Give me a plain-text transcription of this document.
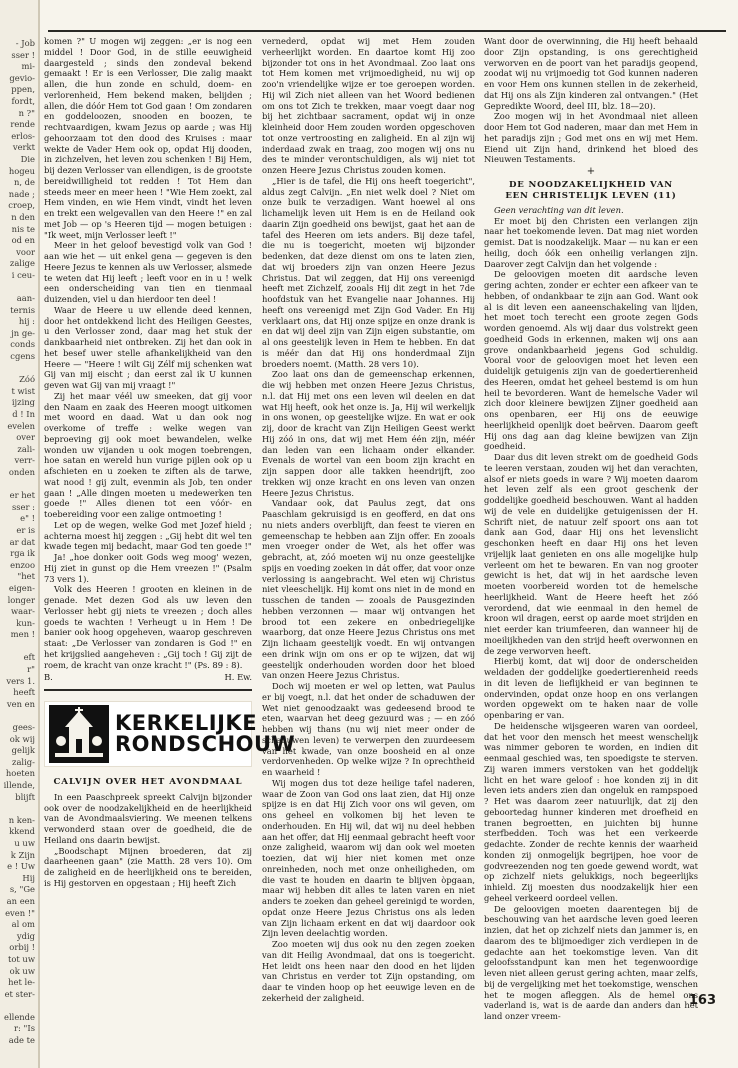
- Job
sser !
mi-
gevio-
ppen,
fordt,
n ?"
rende
erlos-
verkt
Die
hogeu
n, de
nade ;
croep,
n den
nis te
od en
voor
zalige
i ceu-

aan-
ternis
hij :
jn ge-
conds
cgens

Zóó
t wist
ijzing
d ! In
evelen
over
zali-
verr-
onden

er het
sser :
e" !
er is
ar dat
rga ik
enzoo
"het
eigen-
longer
waar-
kun-
men !

eft
r"
vers 1.
heeft
ven en

gees-
ok wij
gelijk
zalig-
hoeten
illende,
blijft

n ken-
kkend
u uw
k Zijn
e ! Uw
Hij
s, "Ge
an een
even !"
al om
ydig
orbij !
tot uw
ok uw
het le-
et ster-

ellende
r: "Is
ade te

komen ?" U mogen wij zeggen: „er is nog een middel ! Door God, in de stille eeuwigheid daargesteld ; sinds den zondeval bekend gemaakt ! Er is een Verlosser, Die zalig maakt allen, die hun zonde en schuld, doem- en verlorenheid, Hem bekend maken, belijden ; allen, die dóór Hem tot God gaan ! Om zondaren en goddeloozen, snooden en boozen, te rechtvaardigen, kwam Jezus op aarde ; was Hij gehoorzaam tot den dood des Kruises : maar wekte de Vader Hem ook op, opdat Hij dooden, in zichzelven, het leven zou schenken ! Bij Hem, bij dezen Verlosser van ellendigen, is de grootste bereidwilligheid tot redden ! Tot Hem dan steeds meer en meer heen ! "Wie Hem zoekt, zal Hem vinden, en wie Hem vindt, vindt het leven en trekt een welgevallen van den Heere !" en zal met Job — op 's Heeren tijd — mogen betuigen : "Ik weet, mijn Verlosser leeft !"

Meer in het geloof bevestigd volk van God ! aan wie het — uit enkel gena — gegeven is den Heere Jezus te kennen als uw Verlosser, alsmede te weten dat Hij leeft ; leeft voor en in u ! welk een onderscheiding van tien en tienmaal duizenden, viel u dan hierdoor ten deel !

Waar de Heere u uw ellende deed kennen, door het ontdekkend licht des Heiligen Geestes, u den Verlosser zond, daar mag het stuk der dankbaarheid niet ontbreken. Zij het dan ook in het besef uwer stelle afhankelijkheid van den Heere — "Heere ! wilt Gij Zélf mij schenken wat Gij van mij eischt ; dan eerst zal ik U kunnen geven wat Gij van mij vraagt !"

Zij het maar véél uw smeeken, dat gij voor den Naam en zaak des Heeren moogt uitkomen met woord en daad. Wat u dan ook nog overkome of treffe : welke wegen van beproeving gij ook moet bewandelen, welke wonden uw vijanden u ook mogen toebrengen, hoe satan en wereld hun vurige pijlen ook op u afschieten en u zoeken te ziften als de tarwe, wat nood ! gij zult, evenmin als Job, ten onder gaan ! „Alle dingen moeten u medewerken ten goede !" Alles dienen tot een vóór- en toebereiding voor een zalige ontmoeting !

Let op de wegen, welke God met Jozef hield ; achterna moest hij zeggen : „Gij hebt dit wel ten kwade tegen mij bedacht, maar God ten goede !"

Ja! „hoe donker ooit Gods weg moog' wezen, Hij ziet in gunst op die Hem vreezen !" (Psalm 73 vers 1).

Volk des Heeren ! grooten en kleinen in de genade. Met dezen God als uw leven den Verlosser hebt gij niets te vreezen ; doch alles goeds te wachten ! Verheugt u in Hem ! De banier ook hoog opgeheven, waarop geschreven staat: „De Verlosser van zondaren is God !" en het krijgslied aangeheven : „Gij toch ! Gij zijt de roem, de kracht van onze kracht !" (Ps. 89 : 8).

B.	H. Ew.
KERKELIJKE
RONDSCHOUW
CALVIJN OVER HET AVONDMAAL

In een Paaschpreek spreekt Calvijn bijzonder ook over de noodzakelijkheid en de heerlijkheid van de Avondmaalsviering. We meenen telkens verwonderd staan over de goedheid, die de Heiland ons daarin bewijst.

„Boodschapt Mijnen broederen, dat zij daarheenen gaan" (zie Matth. 28 vers 10). Om de zaligheid en de heerlijkheid ons te bereiden, is Hij gestorven en opgestaan ; Hij heeft Zich

vernederd, opdat wij met Hem zouden verheerlijkt worden. En daartoe komt Hij zoo bijzonder tot ons in het Avondmaal. Zoo laat ons tot Hem komen met vrijmoedigheid, nu wij op zoo'n vriendelijke wijze er toe geroepen worden. Hij wil Zich niet alleen van het Woord bedienen om ons tot Zich te trekken, maar voegt daar nog bij het zichtbaar sacrament, opdat wij in onze kleinheid door Hem zouden worden opgeschoven tot onze vertroosting en zaligheid. En al zijn wij inderdaad zwak en traag, zoo mogen wij ons nu des te minder verontschuldigen, als wij niet tot onzen Heere Jezus Christus zouden komen.

„Hier is de tafel, die Hij ons heeft toegericht", aldus zegt Calvijn. „En niet welk doel ? Niet om onze buik te verzadigen. Want hoewel al ons lichamelijk leven uit Hem is en de Heiland ook daarin Zijn goedheid ons bewijst, gaat het aan de tafel des Heeren om iets anders. Bij deze tafel, die nu is toegericht, moeten wij bijzonder bedenken, dat deze dienst om ons te laten zien, dat wij broeders zijn van onzen Heere Jezus Christus. Dat wil zeggen, dat Hij ons vereenigd heeft met Zichzelf, zooals Hij dit zegt in het 7de hoofdstuk van het Evangelie naar Johannes. Hij heeft ons vereenigd met Zijn God Vader. En Hij verklaart ons, dat Hij onze spijze en onze drank is en dat wij deel zijn van Zijn eigen substantie, om al ons geestelijk leven in Hem te hebben. En dat is méér dan dat Hij ons honderdmaal Zijn broeders noemt. (Matth. 28 vers 10).

Zoo laat ons dan de gemeenschap erkennen, die wij hebben met onzen Heere Jezus Christus, n.l. dat Hij met ons een leven wil deelen en dat wat Hij heeft, ook het onze is. Ja, Hij wil werkelijk in ons wonen, op geestelijke wijze. En wat er ook zij, door de kracht van Zijn Heiligen Geest werkt Hij zóó in ons, dat wij met Hem één zijn, méér dan leden van een lichaam onder elkander. Evenals de wortel van een boom zijn kracht en zijn sappen door alle takken heendrijft, zoo trekken wij onze kracht en ons leven van onzen Heere Jezus Christus.

Vandaar ook, dat Paulus zegt, dat ons Paaschlam gekruisigd is en geofferd, en dat ons nu niets anders overblijft, dan feest te vieren en gemeenschap te hebben aan Zijn offer. En zooals men vroeger onder de Wet, als het offer was gebracht, at, zóó moeten wij nu onze geestelijke spijs en voeding zoeken in dát offer, dat voor onze verlossing is aangebracht. Wel eten wij Christus niet vleeschelijk. Hij komt ons niet in de mond en tusschen de tanden — zooals de Pausgezinden hebben verzonnen — maar wij ontvangen het brood tot een zekere en onbedriegelijke waarborg, dat onze Heere Jezus Christus ons met Zijn lichaam geestelijk voedt. En wij ontvangen een drink wijn om ons er op te wijzen, dat wij geestelijk onderhouden worden door het bloed van onzen Heere Jezus Christus.

Doch wij moeten er wel op letten, wat Paulus er bij voegt, n.l. dat het onder de schaduwen der Wet niet genoodzaakt was gedeesend brood te eten, waarvan het deeg gezuurd was ; — en zóó hebben wij thans (nu wij niet meer onder de schaduwen leven) te verwerpen den zuurdeesem van het kwade, van onze boosheid en al onze verdorvenheden. Op welke wijze ? In oprechtheid en waarheid !

Wij mogen dus tot deze heilige tafel naderen, waar de Zoon van God ons laat zien, dat Hij onze spijze is en dat Hij Zich voor ons wil geven, om ons geheel en volkomen bij het leven te onderhouden. En Hij wil, dat wij nu deel hebben aan het offer, dat Hij eenmaal gebracht heeft voor onze zaligheid, waarom wij dan ook wel moeten toezien, dat wij hier niet komen met onze onreinheden, noch met onze onheiligheden, om die vast te houden en daarin te blijven òpgaan, maar wij hebben dit alles te laten varen en niet anders te zoeken dan geheel gereinigd te worden, opdat onze Heere Jezus Christus ons als leden van Zijn lichaam erkent en dat wij daardoor ook Zijn leven deelachtig worden.

Zoo moeten wij dus ook nu den zegen zoeken van dit Heilig Avondmaal, dat ons is toegericht. Het leidt ons heen naar den dood en het lijden van Christus en verder tot Zijn opstanding, om daar te vinden hoop op het eeuwige leven en de zekerheid der zaligheid.

Want door de overwinning, die Hij heeft behaald door Zijn opstanding, is ons gerechtigheid verworven en de poort van het paradijs geopend, zoodat wij nu vrijmoedig tot God kunnen naderen en voor Hem ons kunnen stellen in de zekerheid, dat Hij ons als Zijn kinderen zal ontvangen." (Het Gepredikte Woord, deel III, blz. 18—20).

Zoo mogen wij in het Avondmaal niet alleen door Hem tot God naderen, maar dan met Hem in het paradijs zijn ; God met ons en wij met Hem. Eiend uit Zijn hand, drinkend het bloed des Nieuwen Testaments.

+
DE NOODZAKELIJKHEID VAN
EEN CHRISTELIJK LEVEN (11)

Geen verachting van dit leven.

Er moet bij den Christen een verlangen zijn naar het toekomende leven. Dat mag niet worden gemist. Dat is noodzakelijk. Maar — nu kan er een heilig, doch óók een onheilig verlangen zijn. Daarover zegt Calvijn dan het volgende :

De geloovigen moeten dit aardsche leven gering achten, zonder er echter een afkeer van te hebben, of ondankbaar te zijn aan God. Want ook al is dit leven een aaneenschakeling van lijden, het moet toch terecht een groote zegen Gods worden genoemd. Als wij daar dus volstrekt geen goedheid Gods in erkennen, maken wij ons aan grove ondankbaarheid jegens God schuldig. Vooral voor de geloovigen moet het leven een duidelijk getuigenis zijn van de goedertierenheid des Heeren, omdat het geheel bestemd is om hun heil te bevorderen. Want de hemelsche Vader wil zich door kleinere bewijzen Zijner goedheid aan ons openbaren, eer Hij ons de eeuwige heerlijkheid openlijk doet beërven. Daarom geeft Hij ons dag aan dag kleine bewijzen van Zijn goedheid.

Daar dus dit leven strekt om de goedheid Gods te leeren verstaan, zouden wij het dan verachten, alsof er niets goeds in ware ? Wij moeten daarom het leven zelf als een groot geschenk der goddelijke goedheid beschouwen. Want al hadden wij de vele en duidelijke getuigenissen der H. Schrift niet, de natuur zelf spoort ons aan tot dank aan God, daar Hij ons het levenslicht geschonken heeft en daar Hij ons het leven vrijelijk laat genieten en ons alle mogelijke hulp verleent om het te bewaren. En van nog grooter gewicht is het, dat wij in het aardsche leven moeten voorbereid worden tot de hemelsche heerlijkheid. Want de Heere heeft het zóó verordend, dat wie eenmaal in den hemel de kroon wil dragen, eerst op aarde moet strijden en niet eerder kan triumfeeren, dan wanneer hij de moeilijkheden van den strijd heeft overwonnen en de zege verworven heeft.

Hierbij komt, dat wij door de onderscheiden weldaden der goddelijke goedertierenheid reeds in dit leven de lieflijkheid er van beginnen te ondervinden, opdat onze hoop en ons verlangen worden opgewekt om te haken naar de volle openbaring er van.

De heidensche wijsgeeren waren van oordeel, dat het voor den mensch het meest wenschelijk was nimmer geboren te worden, en indien dit eenmaal geschied was, ten spoedigste te sterven. Zij waren immers verstoken van het goddelijk licht en het ware geloof : hoe konden zij in dit leven iets anders zien dan ongeluk en rampspoed ? Het was daarom zeer natuurlijk, dat zij den geboortedag hunner kinderen met droefheid en tranen begroetten, en juichten bij hunne sterfbedden. Toch was het een verkeerde gedachte. Zonder de rechte kennis der waarheid konden zij onmogelijk begrijpen, hoe voor de godvreezenden nog ten goede gewend wordt, wat op zichzelf niets gelukkigs, noch begeerlijks inhield. Zij moesten dus noodzakelijk hier een geheel verkeerd oordeel vellen.

De geloovigen moeten daarentegen bij de beschouwing van het aardsche leven goed leeren inzien, dat het op zichzelf niets dan jammer is, en daarom des te blijmoediger zich verdiepen in de gedachte aan het toekomstige leven. Van dit geloofsstandpunt kan men het tegenwoordige leven niet alleen gerust gering achten, maar zelfs, bij de vergelijking met het toekomstige, wenschen het te mogen afleggen. Als de hemel ons vaderland is, wat is de aarde dan anders dan het land onzer vreem-

163
